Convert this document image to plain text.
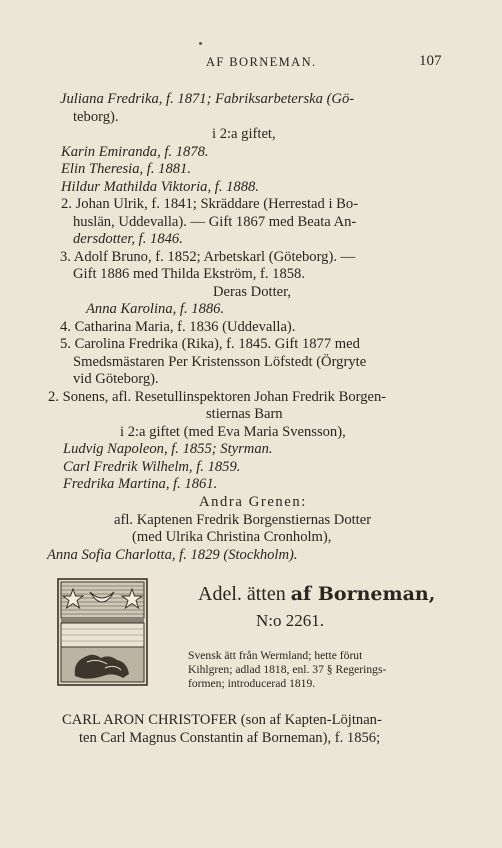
AF BORNEMAN.	107
Juliana Fredrika, f. 1871; Fabriksarbeterska (Gö-
teborg).
i 2:a giftet,
Karin Emiranda, f. 1878.
Elin Theresia, f. 1881.
Hildur Mathilda Viktoria, f. 1888.
2. Johan Ulrik, f. 1841; Skräddare (Herrestad i Bo-
huslän, Uddevalla). — Gift 1867 med Beata An-
dersdotter, f. 1846.
3. Adolf Bruno, f. 1852; Arbetskarl (Göteborg). —
Gift 1886 med Thilda Ekström, f. 1858.
Deras Dotter,
Anna Karolina, f. 1886.
4. Catharina Maria, f. 1836 (Uddevalla).
5. Carolina Fredrika (Rika), f. 1845. Gift 1877 med
Smedsmästaren Per Kristensson Löfstedt (Örgryte
vid Göteborg).
2. Sonens, afl. Resetullinspektoren Johan Fredrik Borgen-
stiernas Barn
i 2:a giftet (med Eva Maria Svensson),
Ludvig Napoleon, f. 1855; Styrman.
Carl Fredrik Wilhelm, f. 1859.
Fredrika Martina, f. 1861.
Andra Grenen:
afl. Kaptenen Fredrik Borgenstiernas Dotter
(med Ulrika Christina Cronholm),
Anna Sofia Charlotta, f. 1829 (Stockholm).
Adel. ätten af Borneman,
N:o 2261.
Svensk ätt från Wermland; hette förut
Kihlgren; adlad 1818, enl. 37 § Regerings-
formen; introducerad 1819.
CARL ARON CHRISTOFER (son af Kapten-Löjtnan-
ten Carl Magnus Constantin af Borneman), f. 1856;
